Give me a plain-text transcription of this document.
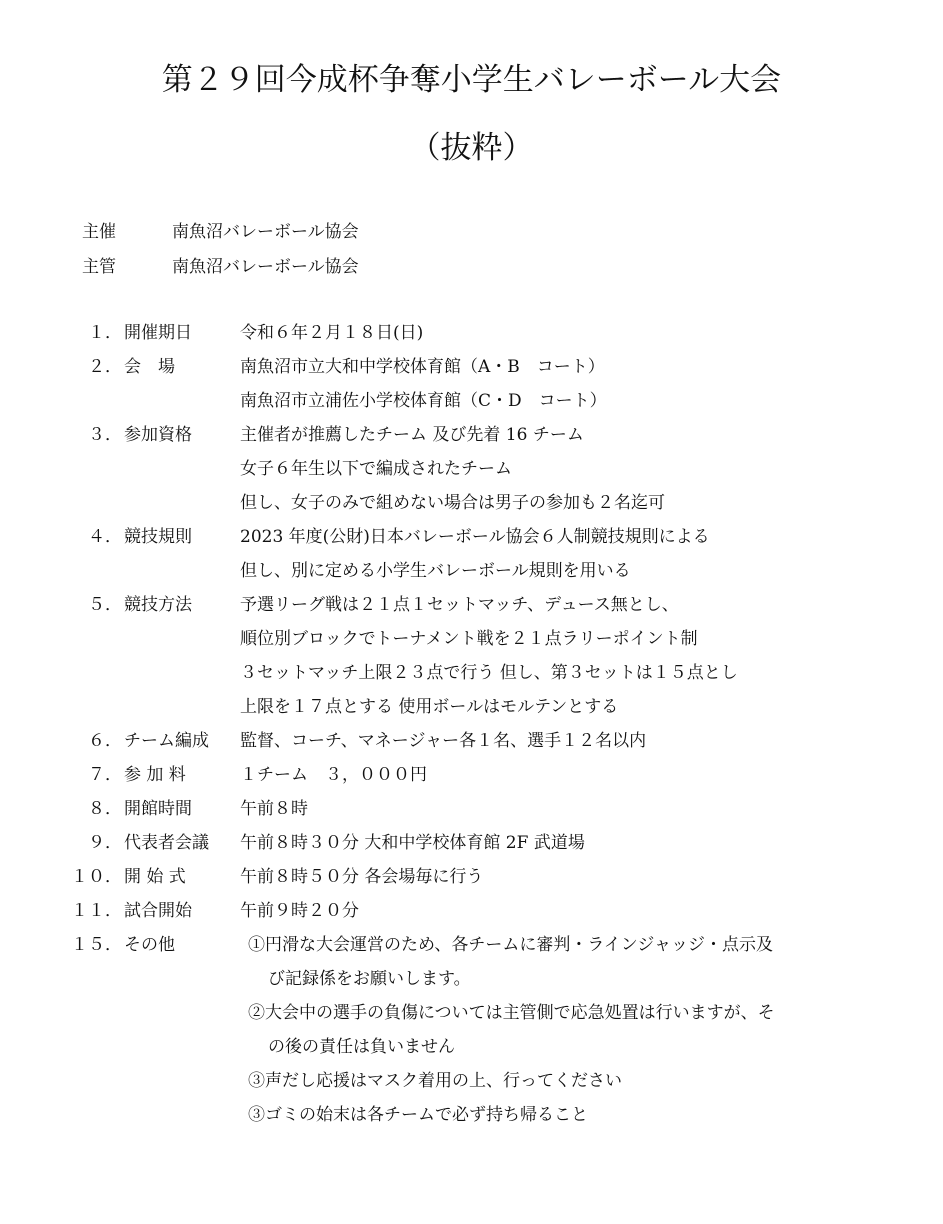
第２９回今成杯争奪小学生バレーボール大会
（抜粋）
主催	南魚沼バレーボール協会
主管	南魚沼バレーボール協会
１． 開催期日	令和６年２月１８日(日)
２． 会　場	南魚沼市立大和中学校体育館（A・B　コート）
南魚沼市立浦佐小学校体育館（C・D　コート）
３． 参加資格	主催者が推薦したチーム 及び先着 16 チーム
女子６年生以下で編成されたチーム
但し、女子のみで組めない場合は男子の参加も２名迄可
４． 競技規則	2023 年度(公財)日本バレーボール協会６人制競技規則による
但し、別に定める小学生バレーボール規則を用いる
５． 競技方法	予選リーグ戦は２１点１セットマッチ、デュース無とし、
順位別ブロックでトーナメント戦を２１点ラリーポイント制
３セットマッチ上限２３点で行う 但し、第３セットは１５点とし
上限を１７点とする 使用ボールはモルテンとする
６． チーム編成 監督、コーチ、マネージャー各１名、選手１２名以内
７． 参 加 料	１チーム　３，０００円
８． 開館時間	午前８時
９． 代表者会議 午前８時３０分 大和中学校体育館 2F 武道場
１０． 開 始 式	午前８時５０分 各会場毎に行う
１１． 試合開始	午前９時２０分
１５． その他	①円滑な大会運営のため、各チームに審判・ラインジャッジ・点示及
び記録係をお願いします。
②大会中の選手の負傷については主管側で応急処置は行いますが、そ
の後の責任は負いません
③声だし応援はマスク着用の上、行ってください
③ゴミの始末は各チームで必ず持ち帰ること
